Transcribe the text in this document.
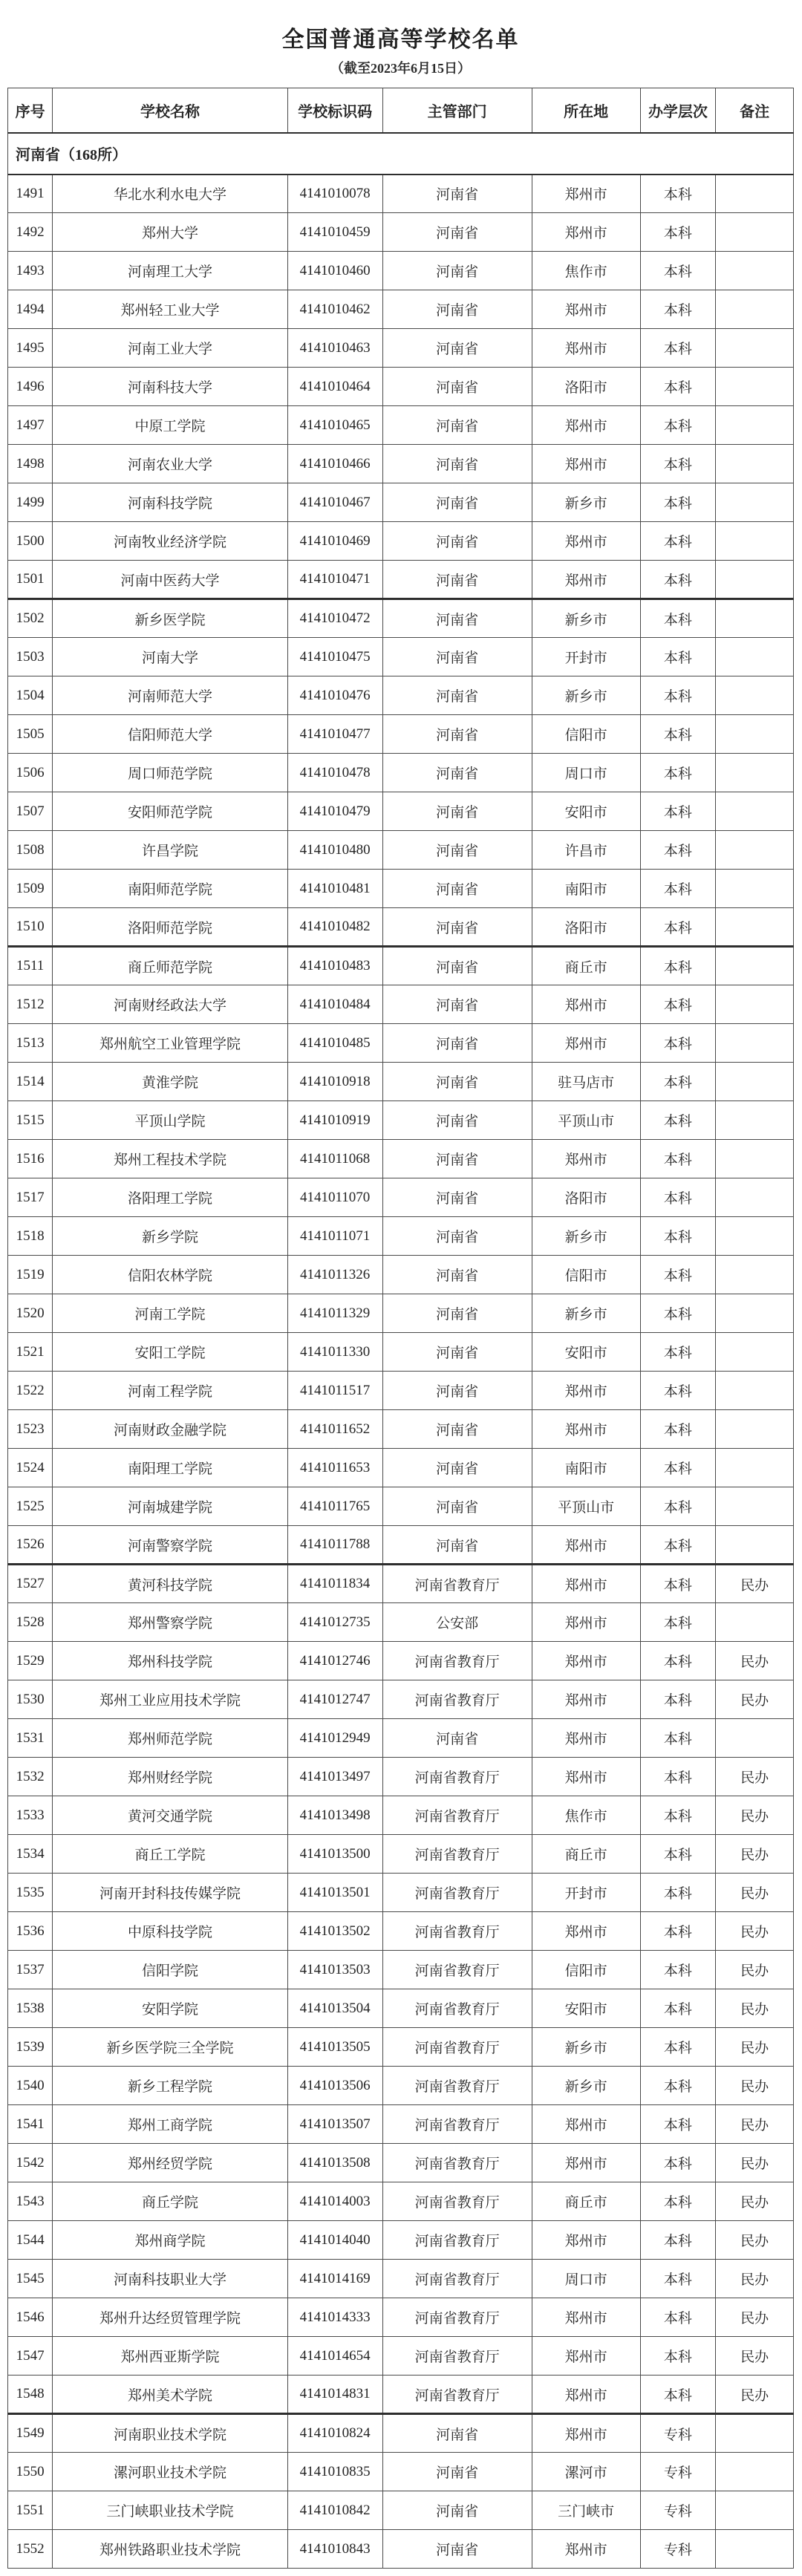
全国普通高等学校名单
（截至2023年6月15日）
序号	学校名称	学校标识码	主管部门	所在地	办学层次	备注
河南省（168所）						
1491	华北水利水电大学	4141010078	河南省	郑州市	本科	
1492	郑州大学	4141010459	河南省	郑州市	本科	
1493	河南理工大学	4141010460	河南省	焦作市	本科	
1494	郑州轻工业大学	4141010462	河南省	郑州市	本科	
1495	河南工业大学	4141010463	河南省	郑州市	本科	
1496	河南科技大学	4141010464	河南省	洛阳市	本科	
1497	中原工学院	4141010465	河南省	郑州市	本科	
1498	河南农业大学	4141010466	河南省	郑州市	本科	
1499	河南科技学院	4141010467	河南省	新乡市	本科	
1500	河南牧业经济学院	4141010469	河南省	郑州市	本科	
1501	河南中医药大学	4141010471	河南省	郑州市	本科	
1502	新乡医学院	4141010472	河南省	新乡市	本科	
1503	河南大学	4141010475	河南省	开封市	本科	
1504	河南师范大学	4141010476	河南省	新乡市	本科	
1505	信阳师范大学	4141010477	河南省	信阳市	本科	
1506	周口师范学院	4141010478	河南省	周口市	本科	
1507	安阳师范学院	4141010479	河南省	安阳市	本科	
1508	许昌学院	4141010480	河南省	许昌市	本科	
1509	南阳师范学院	4141010481	河南省	南阳市	本科	
1510	洛阳师范学院	4141010482	河南省	洛阳市	本科	
1511	商丘师范学院	4141010483	河南省	商丘市	本科	
1512	河南财经政法大学	4141010484	河南省	郑州市	本科	
1513	郑州航空工业管理学院	4141010485	河南省	郑州市	本科	
1514	黄淮学院	4141010918	河南省	驻马店市	本科	
1515	平顶山学院	4141010919	河南省	平顶山市	本科	
1516	郑州工程技术学院	4141011068	河南省	郑州市	本科	
1517	洛阳理工学院	4141011070	河南省	洛阳市	本科	
1518	新乡学院	4141011071	河南省	新乡市	本科	
1519	信阳农林学院	4141011326	河南省	信阳市	本科	
1520	河南工学院	4141011329	河南省	新乡市	本科	
1521	安阳工学院	4141011330	河南省	安阳市	本科	
1522	河南工程学院	4141011517	河南省	郑州市	本科	
1523	河南财政金融学院	4141011652	河南省	郑州市	本科	
1524	南阳理工学院	4141011653	河南省	南阳市	本科	
1525	河南城建学院	4141011765	河南省	平顶山市	本科	
1526	河南警察学院	4141011788	河南省	郑州市	本科	
1527	黄河科技学院	4141011834	河南省教育厅	郑州市	本科	民办
1528	郑州警察学院	4141012735	公安部	郑州市	本科	
1529	郑州科技学院	4141012746	河南省教育厅	郑州市	本科	民办
1530	郑州工业应用技术学院	4141012747	河南省教育厅	郑州市	本科	民办
1531	郑州师范学院	4141012949	河南省	郑州市	本科	
1532	郑州财经学院	4141013497	河南省教育厅	郑州市	本科	民办
1533	黄河交通学院	4141013498	河南省教育厅	焦作市	本科	民办
1534	商丘工学院	4141013500	河南省教育厅	商丘市	本科	民办
1535	河南开封科技传媒学院	4141013501	河南省教育厅	开封市	本科	民办
1536	中原科技学院	4141013502	河南省教育厅	郑州市	本科	民办
1537	信阳学院	4141013503	河南省教育厅	信阳市	本科	民办
1538	安阳学院	4141013504	河南省教育厅	安阳市	本科	民办
1539	新乡医学院三全学院	4141013505	河南省教育厅	新乡市	本科	民办
1540	新乡工程学院	4141013506	河南省教育厅	新乡市	本科	民办
1541	郑州工商学院	4141013507	河南省教育厅	郑州市	本科	民办
1542	郑州经贸学院	4141013508	河南省教育厅	郑州市	本科	民办
1543	商丘学院	4141014003	河南省教育厅	商丘市	本科	民办
1544	郑州商学院	4141014040	河南省教育厅	郑州市	本科	民办
1545	河南科技职业大学	4141014169	河南省教育厅	周口市	本科	民办
1546	郑州升达经贸管理学院	4141014333	河南省教育厅	郑州市	本科	民办
1547	郑州西亚斯学院	4141014654	河南省教育厅	郑州市	本科	民办
1548	郑州美术学院	4141014831	河南省教育厅	郑州市	本科	民办
1549	河南职业技术学院	4141010824	河南省	郑州市	专科	
1550	漯河职业技术学院	4141010835	河南省	漯河市	专科	
1551	三门峡职业技术学院	4141010842	河南省	三门峡市	专科	
1552	郑州铁路职业技术学院	4141010843	河南省	郑州市	专科	
